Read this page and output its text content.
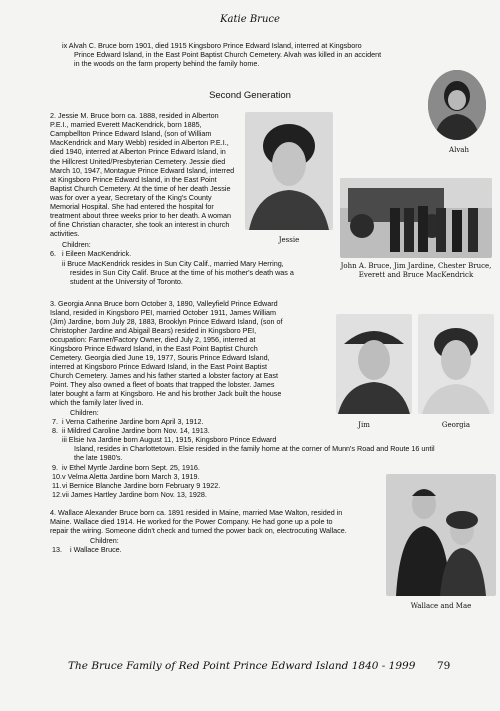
Katie Bruce

ix Alvah C. Bruce born 1901, died 1915 Kingsboro Prince Edward Island, interred at Kingsboro

Prince Edward Island, in the East Point Baptist Church Cemetery. Alvah was killed in an accident

in the woods on the farm property behind the family home.

Alvah
Second Generation

2. Jessie M. Bruce born ca. 1888, resided in Alberton

P.E.I., married Everett MacKendrick, born 1885,

Campbellton Prince Edward Island, (son of William

MacKendrick and Mary Webb) resided in Alberton P.E.I.,

died 1940, interred at Alberton Prince Edward Island, in

the Hillcrest United/Presbyterian Cemetery. Jessie died

March 10, 1947, Montague Prince Edward Island, interred

at Kingsboro Prince Edward Island, in the East Point

Baptist Church Cemetery. At the time of her death Jessie

was for over a year, Secretary of the King's County

Memorial Hospital. She had entered the hospital for

treatment about three weeks prior to her death. A woman

of fine Christian character, she took an interest in church

activities.

Children:

6. i Eileen MacKendrick.

ii Bruce MacKendrick resides in Sun City Calif., married Mary Herring,

resides in Sun City Calif. Bruce at the time of his mother's death was a

student at the University of Toronto.

Jessie
John A. Bruce, Jim Jardine, Chester Bruce,
Everett and Bruce MacKendrick

3. Georgia Anna Bruce born October 3, 1890, Valleyfield Prince Edward

Island, resided in Kingsboro PEI, married October 1911, James William

(Jim) Jardine, born July 28, 1883, Brooklyn Prince Edward Island, (son of

Christopher Jardine and Abigail Bears) resided in Kingsboro PEI,

occupation: Farmer/Factory Owner, died July 2, 1956, interred at

Kingsboro Prince Edward Island, in the East Point Baptist Church

Cemetery. Georgia died June 19, 1977, Souris Prince Edward Island,

interred at Kingsboro Prince Edward Island, in the East Point Baptist

Church Cemetery. James and his father started a lobster factory at East

Point. They also owned a fleet of boats that trapped the lobster. James

later bought a farm at Kingsboro. He and his brother Jack built the house

which the family later lived in.

Children:

7. i Verna Catherine Jardine born April 3, 1912.

8. ii Mildred Caroline Jardine born Nov. 14, 1913.

iii Elsie Iva Jardine born August 11, 1915, Kingsboro Prince Edward

Island, resides in Charlottetown. Elsie resided in the family home at the corner of Munn's Road and Route 16 until

the late 1980's.

9. iv Ethel Myrtle Jardine born Sept. 25, 1916.

10. v Velma Aletta Jardine born March 3, 1919.

11. vi Bernice Blanche Jardine born February 9 1922.

12. vii James Hartley Jardine born Nov. 13, 1928.

Jim	Georgia

4. Wallace Alexander Bruce born ca. 1891 resided in Maine, married Mae Walton, resided in

Maine. Wallace died 1914. He worked for the Power Company. He had gone up a pole to

repair the wiring. Someone didn't check and turned the power back on, electrocuting Wallace.

Children:

13. i Wallace Bruce.

Wallace and Mae
The Bruce Family of Red Point Prince Edward Island 1840 - 1999 79
